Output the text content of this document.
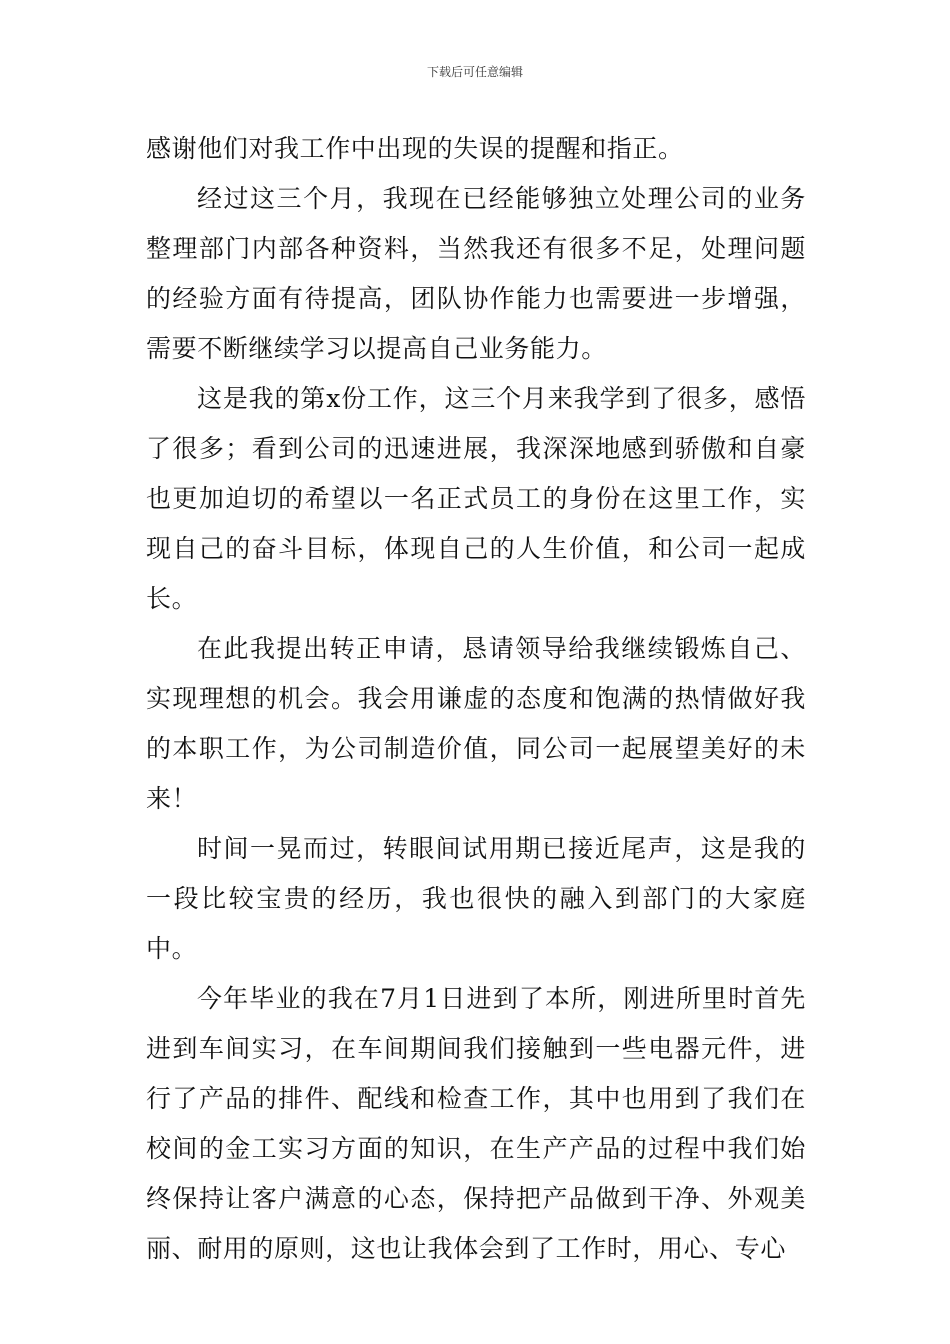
下载后可任意编辑

感谢他们对我工作中出现的失误的提醒和指正。

经过这三个月，我现在已经能够独立处理公司的业务整理部门内部各种资料，当然我还有很多不足，处理问题的经验方面有待提高，团队协作能力也需要进一步增强，需要不断继续学习以提高自己业务能力。

这是我的第x份工作，这三个月来我学到了很多，感悟了很多；看到公司的迅速进展，我深深地感到骄傲和自豪也更加迫切的希望以一名正式员工的身份在这里工作，实现自己的奋斗目标，体现自己的人生价值，和公司一起成长。

在此我提出转正申请，恳请领导给我继续锻炼自己、实现理想的机会。我会用谦虚的态度和饱满的热情做好我的本职工作，为公司制造价值，同公司一起展望美好的未来！

时间一晃而过，转眼间试用期已接近尾声，这是我的一段比较宝贵的经历，我也很快的融入到部门的大家庭中。

今年毕业的我在7月1日进到了本所，刚进所里时首先进到车间实习，在车间期间我们接触到一些电器元件，进行了产品的排件、配线和检查工作，其中也用到了我们在校间的金工实习方面的知识，在生产产品的过程中我们始终保持让客户满意的心态，保持把产品做到干净、外观美丽、耐用的原则，这也让我体会到了工作时，用心、专心
